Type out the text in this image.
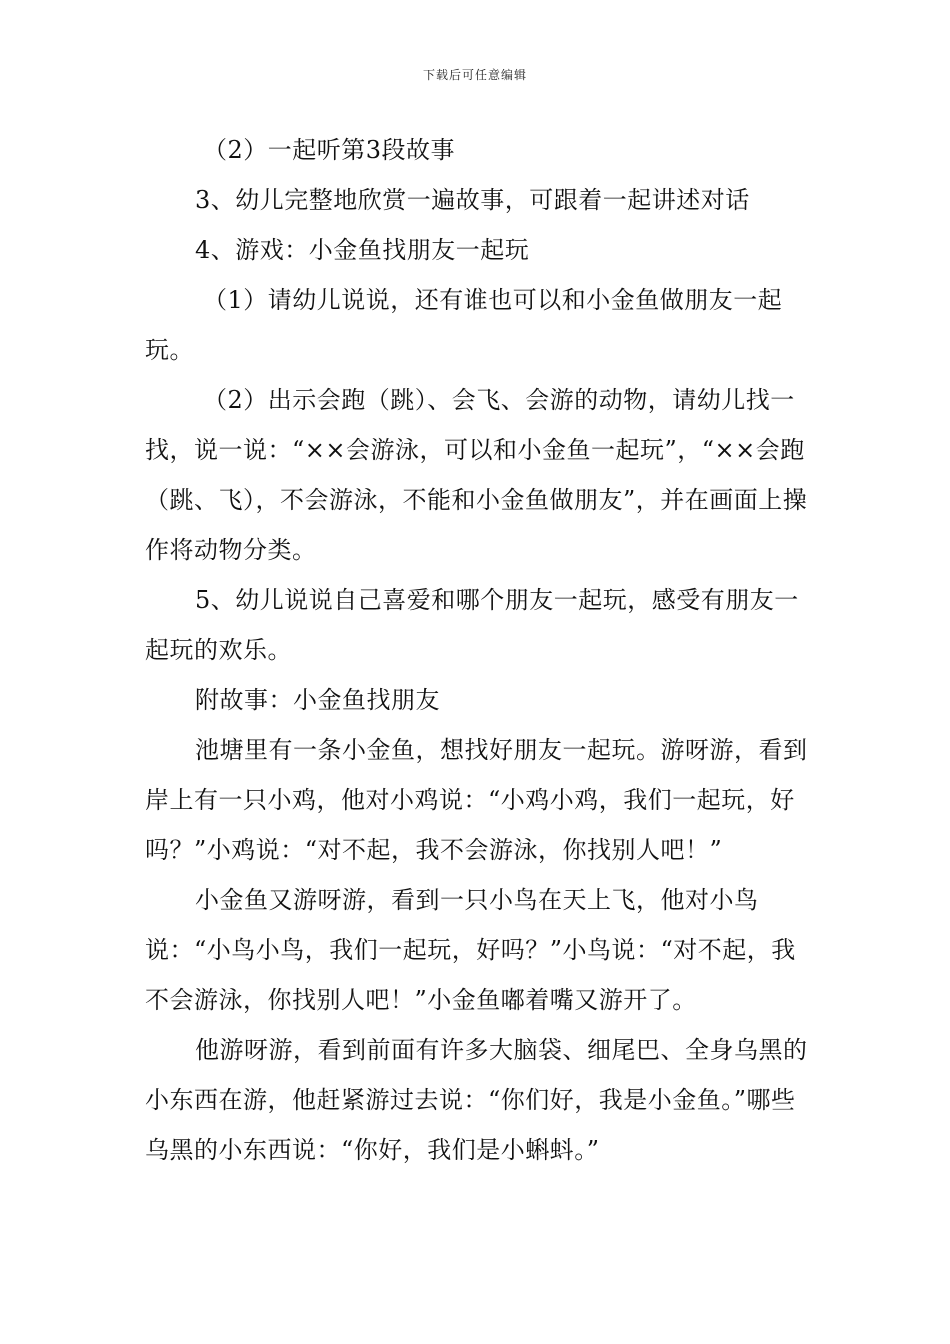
下载后可任意编辑

（2）一起听第3段故事

3、幼儿完整地欣赏一遍故事，可跟着一起讲述对话

4、游戏：小金鱼找朋友一起玩

（1）请幼儿说说，还有谁也可以和小金鱼做朋友一起玩。

（2）出示会跑（跳）、会飞、会游的动物，请幼儿找一找，说一说：“××会游泳，可以和小金鱼一起玩”，“××会跑（跳、飞），不会游泳，不能和小金鱼做朋友”，并在画面上操作将动物分类。

5、幼儿说说自己喜爱和哪个朋友一起玩，感受有朋友一起玩的欢乐。

附故事：小金鱼找朋友

池塘里有一条小金鱼，想找好朋友一起玩。游呀游，看到岸上有一只小鸡，他对小鸡说：“小鸡小鸡，我们一起玩，好吗？”小鸡说：“对不起，我不会游泳，你找别人吧！”

小金鱼又游呀游，看到一只小鸟在天上飞，他对小鸟说：“小鸟小鸟，我们一起玩，好吗？”小鸟说：“对不起，我不会游泳，你找别人吧！”小金鱼嘟着嘴又游开了。

他游呀游，看到前面有许多大脑袋、细尾巴、全身乌黑的小东西在游，他赶紧游过去说：“你们好，我是小金鱼。”哪些乌黑的小东西说：“你好，我们是小蝌蚪。”
